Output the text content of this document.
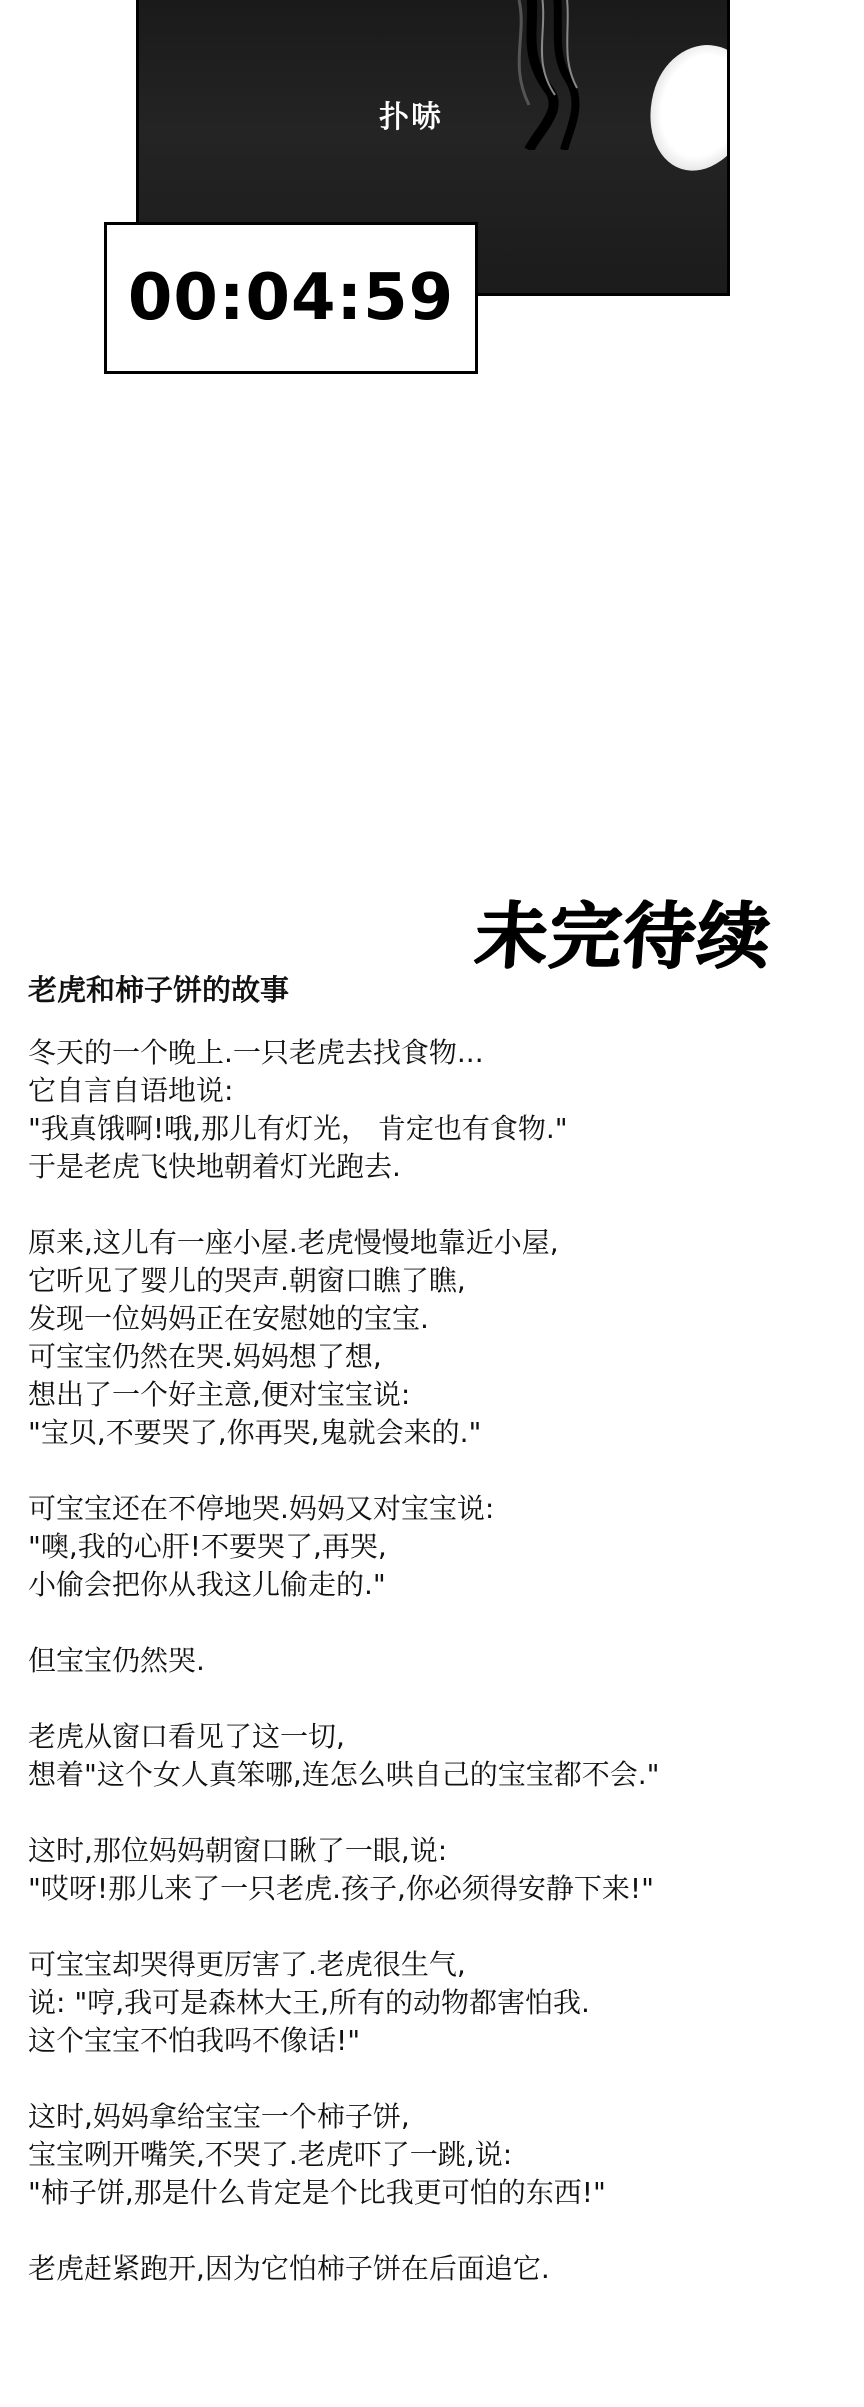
扑哧
00:04:59
未完待续
老虎和柿子饼的故事
冬天的一个晚上.一只老虎去找食物...
它自言自语地说:
"我真饿啊!哦,那儿有灯光， 肯定也有食物."
于是老虎飞快地朝着灯光跑去.
原来,这儿有一座小屋.老虎慢慢地靠近小屋,
它听见了婴儿的哭声.朝窗口瞧了瞧,
发现一位妈妈正在安慰她的宝宝.
可宝宝仍然在哭.妈妈想了想,
想出了一个好主意,便对宝宝说:
"宝贝,不要哭了,你再哭,鬼就会来的."
可宝宝还在不停地哭.妈妈又对宝宝说:
"噢,我的心肝!不要哭了,再哭,
小偷会把你从我这儿偷走的."
但宝宝仍然哭.
老虎从窗口看见了这一切,
想着"这个女人真笨哪,连怎么哄自己的宝宝都不会."
这时,那位妈妈朝窗口瞅了一眼,说:
"哎呀!那儿来了一只老虎.孩子,你必须得安静下来!"
可宝宝却哭得更厉害了.老虎很生气,
说: "哼,我可是森林大王,所有的动物都害怕我.
这个宝宝不怕我吗不像话!"
这时,妈妈拿给宝宝一个柿子饼,
宝宝咧开嘴笑,不哭了.老虎吓了一跳,说:
"柿子饼,那是什么肯定是个比我更可怕的东西!"
老虎赶紧跑开,因为它怕柿子饼在后面追它.
